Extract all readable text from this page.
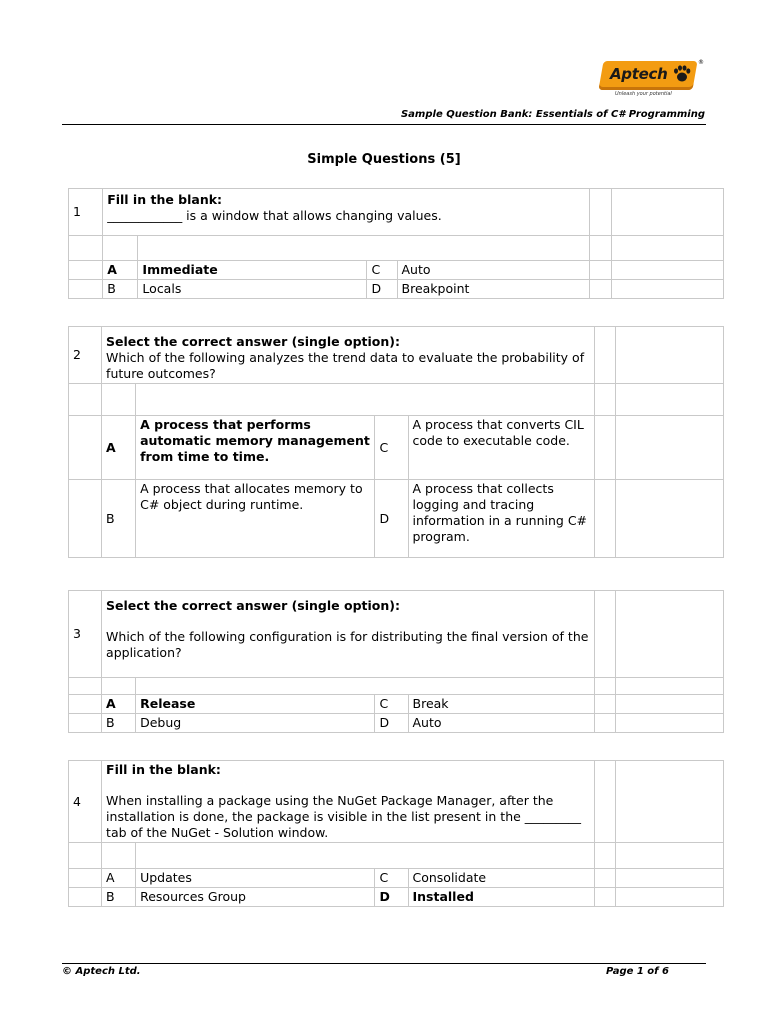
Aptech
®
Unleash your potential
Sample Question Bank: Essentials of C# Programming
Simple Questions (5]
1	Fill in the blank:
____________ is a window that allows changing values.					

	A	Immediate	C	Auto		
	B	Locals	D	Breakpoint		
2	Select the correct answer (single option):
Which of the following analyzes the trend data to evaluate the probability of future outcomes?					

	A	A process that performs automatic memory management from time to time.	C	A process that converts CIL code to executable code.		
	B	A process that allocates memory to C# object during runtime.	D	A process that collects logging and tracing information in a running C# program.		
3	Select the correct answer (single option):
Which of the following configuration is for distributing the final version of the application?					

	A	Release	C	Break		
	B	Debug	D	Auto		
4	Fill in the blank:
When installing a package using the NuGet Package Manager, after the installation is done, the package is visible in the list present in the _________ tab of the NuGet - Solution window.					

	A	Updates	C	Consolidate		
	B	Resources Group	D	Installed		
© Aptech Ltd.	Page 1 of 6
